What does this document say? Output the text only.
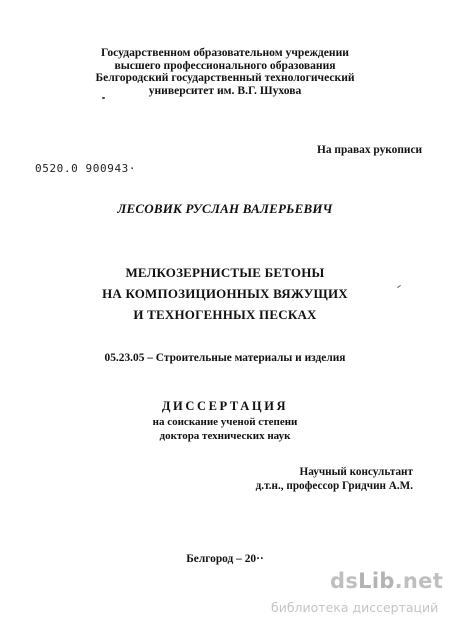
Государственном образовательном учреждении
высшего профессионального образования
Белгородский государственный технологический
университет им. В.Г. Шухова
На правах рукописи
0520.0 900943·
ЛЕСОВИК РУСЛАН ВАЛЕРЬЕВИЧ
МЕЛКОЗЕРНИСТЫЕ БЕТОНЫ
НА КОМПОЗИЦИОННЫХ ВЯЖУЩИХ
И ТЕХНОГЕННЫХ ПЕСКАХ
05.23.05 – Строительные материалы и изделия
ДИССЕРТАЦИЯ
на соискание ученой степени
доктора технических наук
Научный консультант
д.т.н., профессор Гридчин А.М.
Белгород – 20··
dsLib.net
библиотека диссертаций
